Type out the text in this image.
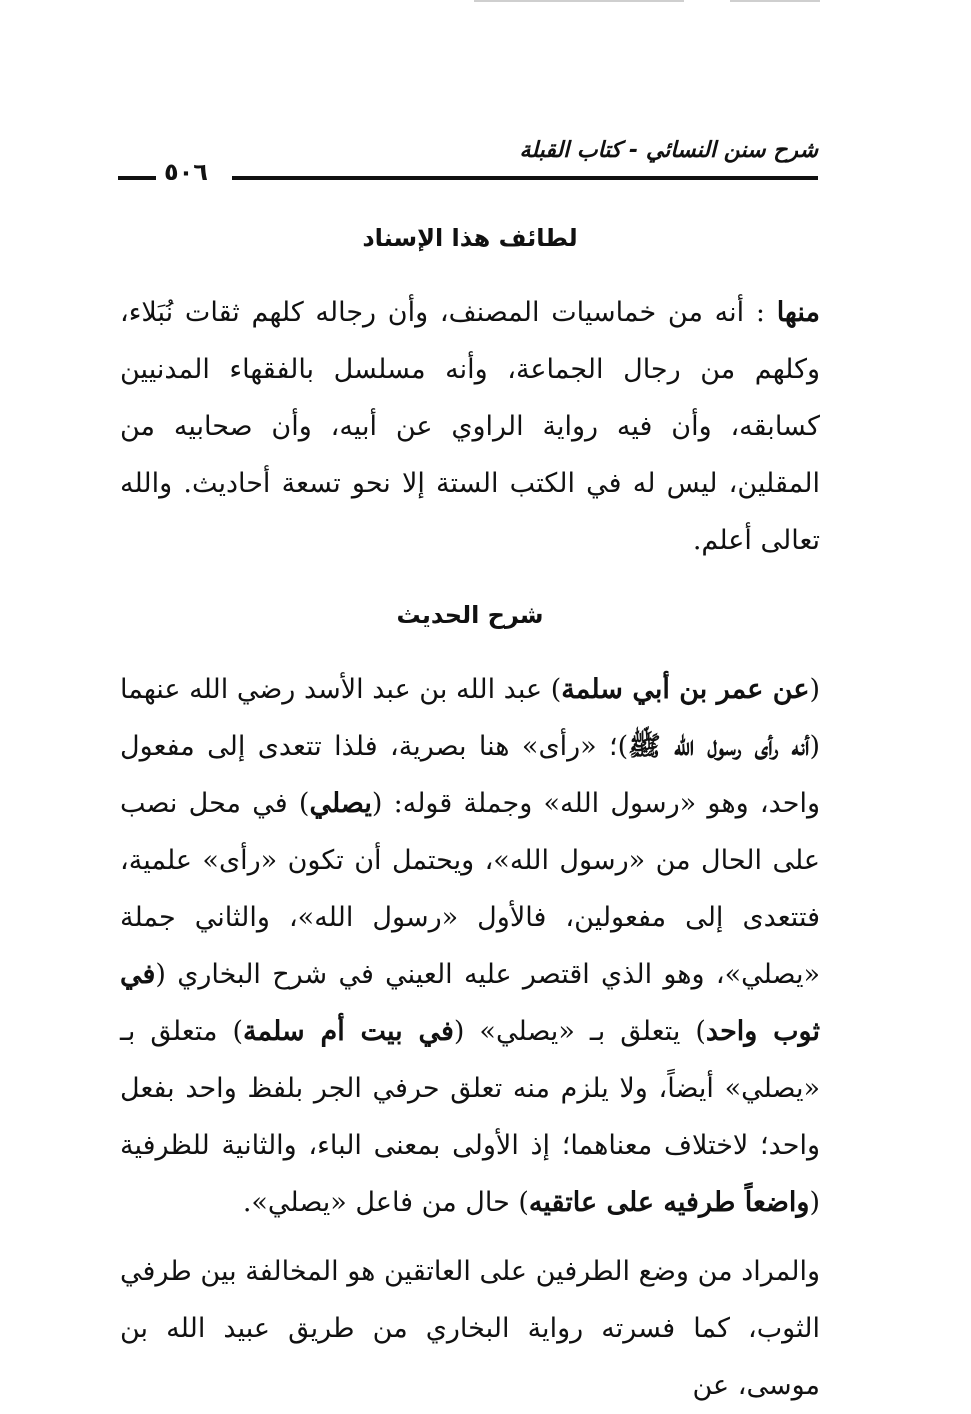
شرح سنن النسائي - كتاب القبلة
٥٠٦
لطائف هذا الإسناد

منها : أنه من خماسيات المصنف، وأن رجاله كلهم ثقات نُبَلاء، وكلهم من رجال الجماعة، وأنه مسلسل بالفقهاء المدنيين كسابقه، وأن فيه رواية الراوي عن أبيه، وأن صحابيه من المقلين، ليس له في الكتب الستة إلا نحو تسعة أحاديث. والله تعالى أعلم.

شرح الحديث

(عن عمر بن أبي سلمة) عبد الله بن عبد الأسد رضي الله عنهما (أنه رأى رسول الله ﷺ)؛ «رأى» هنا بصرية، فلذا تتعدى إلى مفعول واحد، وهو «رسول الله» وجملة قوله: (يصلي) في محل نصب على الحال من «رسول الله»، ويحتمل أن تكون «رأى» علمية، فتتعدى إلى مفعولين، فالأول «رسول الله»، والثاني جملة «يصلي»، وهو الذي اقتصر عليه العيني في شرح البخاري (في ثوب واحد) يتعلق بـ «يصلي» (في بيت أم سلمة) متعلق بـ «يصلي» أيضاً، ولا يلزم منه تعلق حرفي الجر بلفظ واحد بفعل واحد؛ لاختلاف معناهما؛ إذ الأولى بمعنى الباء، والثانية للظرفية (واضعاً طرفيه على عاتقيه) حال من فاعل «يصلي».

والمراد من وضع الطرفين على العاتقين هو المخالفة بين طرفي الثوب، كما فسرته رواية البخاري من طريق عبيد الله بن موسى، عن
